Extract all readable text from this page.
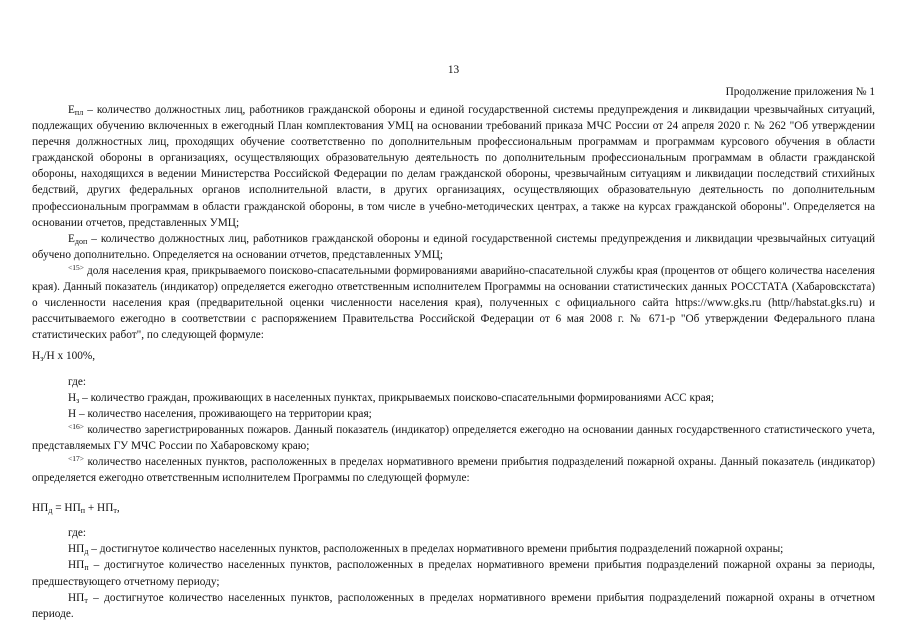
13
Продолжение приложения № 1

$E_{пл}$ – количество должностных лиц, работников гражданской обороны и единой государственной системы предупреждения и ликвидации чрезвычайных ситуаций, подлежащих обучению включенных в ежегодный План комплектования УМЦ на основании требований приказа МЧС России от 24 апреля 2020 г. № 262 "Об утверждении перечня должностных лиц, проходящих обучение соответственно по дополнительным профессиональным программам и программам курсового обучения в области гражданской обороны в организациях, осуществляющих образовательную деятельность по дополнительным профессиональным программам в области гражданской обороны, находящихся в ведении Министерства Российской Федерации по делам гражданской обороны, чрезвычайным ситуациям и ликвидации последствий стихийных бедствий, других федеральных органов исполнительной власти, в других организациях, осуществляющих образовательную деятельность по дополнительным профессиональным программам в области гражданской обороны, в том числе в учебно-методических центрах, а также на курсах гражданской обороны". Определяется на основании отчетов, представленных УМЦ;

$E_{доп}$ – количество должностных лиц, работников гражданской обороны и единой государственной системы предупреждения и ликвидации чрезвычайных ситуаций обучено дополнительно. Определяется на основании отчетов, представленных УМЦ;

$^{<15>}$ доля населения края, прикрываемого поисково-спасательными формированиями аварийно-спасательной службы края (процентов от общего количества населения края). Данный показатель (индикатор) определяется ежегодно ответственным исполнителем Программы на основании статистических данных РОССТАТА (Хабаровскстата) о численности населения края (предварительной оценки численности населения края), полученных с официального сайта https://www.gks.ru (http//habstat.gks.ru) и рассчитываемого ежегодно в соответствии с распоряжением Правительства Российской Федерации от 6 мая 2008 г. № 671-р "Об утверждении Федерального плана статистических работ", по следующей формуле:

$Н_з/Н$ х 100%,

где:

$Н_з$ – количество граждан, проживающих в населенных пунктах, прикрываемых поисково-спасательными формированиями АСС края;

Н – количество населения, проживающего на территории края;

$^{<16>}$ количество зарегистрированных пожаров. Данный показатель (индикатор) определяется ежегодно на основании данных государственного статистического учета, представляемых ГУ МЧС России по Хабаровскому краю;

$^{<17>}$ количество населенных пунктов, расположенных в пределах нормативного времени прибытия подразделений пожарной охраны. Данный показатель (индикатор) определяется ежегодно ответственным исполнителем Программы по следующей формуле:

$НП_д = НП_п + НП_т$,

где:

$НП_д$ – достигнутое количество населенных пунктов, расположенных в пределах нормативного времени прибытия подразделений пожарной охраны;

$НП_п$ – достигнутое количество населенных пунктов, расположенных в пределах нормативного времени прибытия подразделений пожарной охраны за периоды, предшествующего отчетному периоду;

$НП_т$ – достигнутое количество населенных пунктов, расположенных в пределах нормативного времени прибытия подразделений пожарной охраны в отчетном периоде.
